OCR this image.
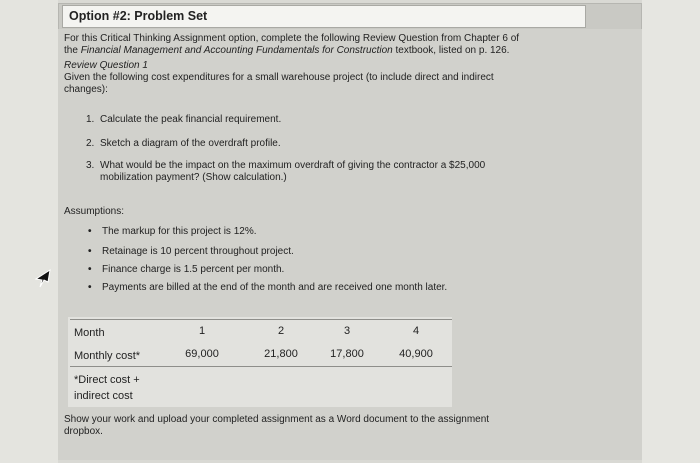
Option #2: Problem Set
For this Critical Thinking Assignment option, complete the following Review Question from Chapter 6 of
the Financial Management and Accounting Fundamentals for Construction textbook, listed on p. 126.
Review Question 1
Given the following cost expenditures for a small warehouse project (to include direct and indirect
changes):
1. Calculate the peak financial requirement.
2. Sketch a diagram of the overdraft profile.
3. What would be the impact on the maximum overdraft of giving the contractor a $25,000
mobilization payment? (Show calculation.)
Assumptions:
• The markup for this project is 12%.
• Retainage is 10 percent throughout project.
• Finance charge is 1.5 percent per month.
• Payments are billed at the end of the month and are received one month later.
Month	1	2	3	4
Monthly cost*	69,000	21,800	17,800	40,900
*Direct cost +
indirect cost
Show your work and upload your completed assignment as a Word document to the assignment
dropbox.
